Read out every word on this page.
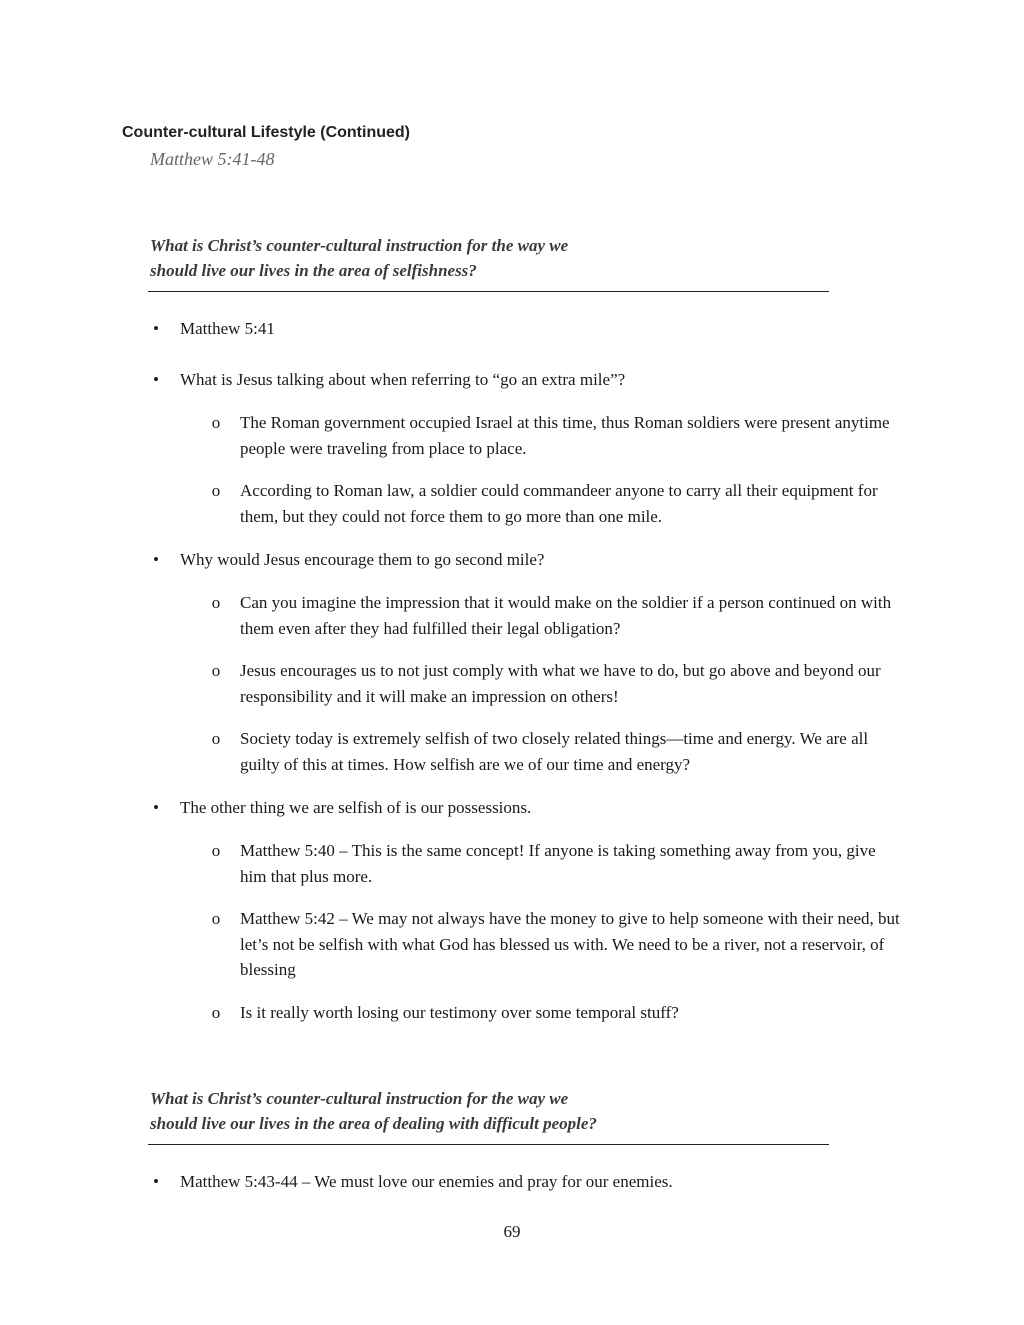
Counter-cultural Lifestyle (Continued)
Matthew 5:41-48
What is Christ’s counter-cultural instruction for the way we
should live our lives in the area of selfishness?
• Matthew 5:41
• What is Jesus talking about when referring to “go an extra mile”?
o The Roman government occupied Israel at this time, thus Roman soldiers were present anytime people were traveling from place to place.
o According to Roman law, a soldier could commandeer anyone to carry all their equipment for them, but they could not force them to go more than one mile.
• Why would Jesus encourage them to go second mile?
o Can you imagine the impression that it would make on the soldier if a person continued on with them even after they had fulfilled their legal obligation?
o Jesus encourages us to not just comply with what we have to do, but go above and beyond our responsibility and it will make an impression on others!
o Society today is extremely selfish of two closely related things—time and energy. We are all guilty of this at times. How selfish are we of our time and energy?
• The other thing we are selfish of is our possessions.
o Matthew 5:40 – This is the same concept! If anyone is taking something away from you, give him that plus more.
o Matthew 5:42 – We may not always have the money to give to help someone with their need, but let’s not be selfish with what God has blessed us with. We need to be a river, not a reservoir, of blessing
o Is it really worth losing our testimony over some temporal stuff?
What is Christ’s counter-cultural instruction for the way we
should live our lives in the area of dealing with difficult people?
• Matthew 5:43-44 – We must love our enemies and pray for our enemies.
69
